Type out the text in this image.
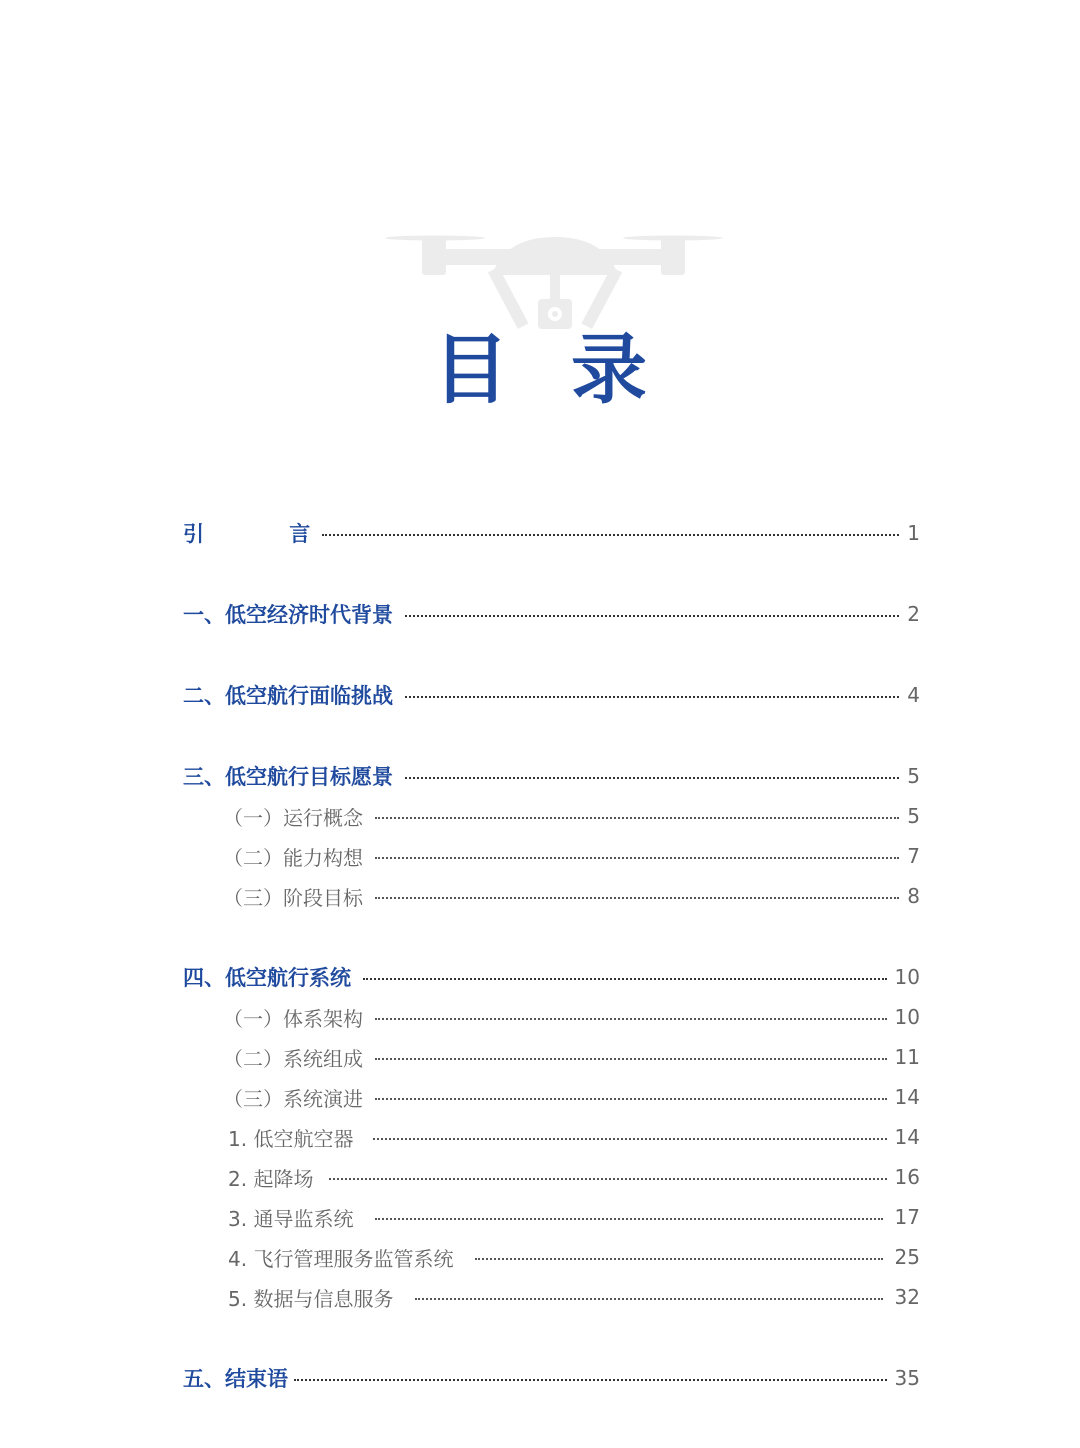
目 录
引    言	1
一、低空经济时代背景	2
二、低空航行面临挑战	4
三、低空航行目标愿景	5
（一）运行概念	5
（二）能力构想	7
（三）阶段目标	8
四、低空航行系统	10
（一）体系架构	10
（二）系统组成	11
（三）系统演进	14
1. 低空航空器	14
2. 起降场	16
3. 通导监系统	17
4. 飞行管理服务监管系统	25
5. 数据与信息服务	32
五、结束语	35
